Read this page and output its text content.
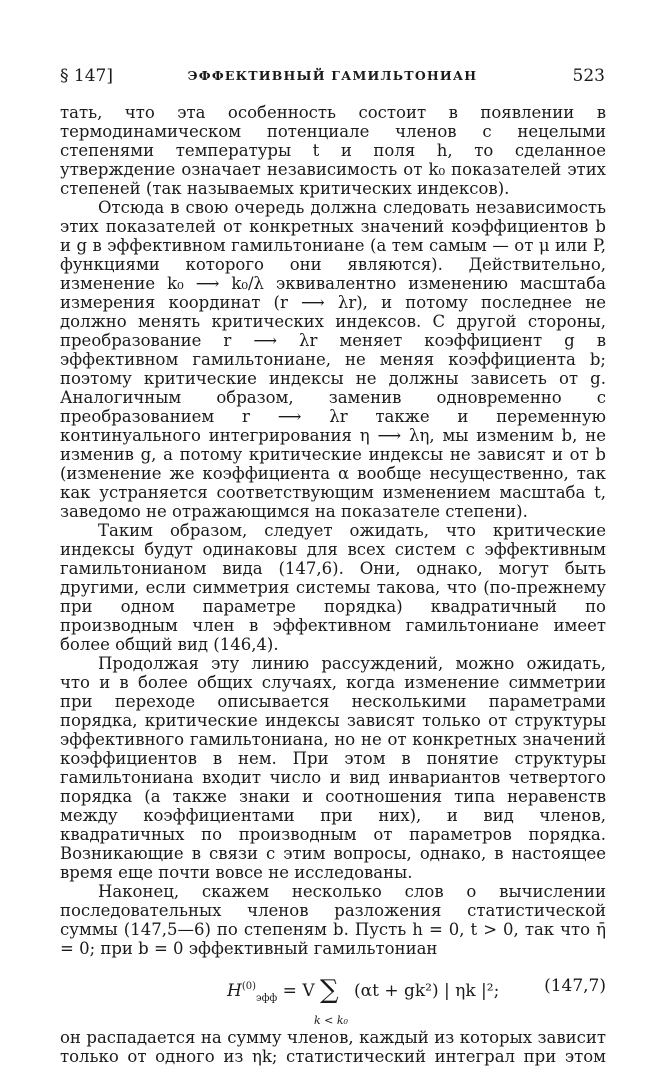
§ 147]	ЭФФЕКТИВНЫЙ ГАМИЛЬТОНИАН	523

тать, что эта особенность состоит в появлении в термодинамическом потенциале членов с нецелыми степенями температуры t и поля h, то сделанное утверждение означает независимость от k₀ показателей этих степеней (так называемых критических индексов).

Отсюда в свою очередь должна следовать независимость этих показателей от конкретных значений коэффициентов b и g в эффективном гамильтониане (а тем самым — от μ или P, функциями которого они являются). Действительно, изменение k₀ ⟶ k₀/λ эквивалентно изменению масштаба измерения координат (r ⟶ λr), и потому последнее не должно менять критических индексов. С другой стороны, преобразование r ⟶ λr меняет коэффициент g в эффективном гамильтониане, не меняя коэффициента b; поэтому критические индексы не должны зависеть от g. Аналогичным образом, заменив одновременно с преобразованием r ⟶ λr также и переменную континуального интегрирования η ⟶ λη, мы изменим b, не изменив g, а потому критические индексы не зависят и от b (изменение же коэффициента α вообще несущественно, так как устраняется соответствующим изменением масштаба t, заведомо не отражающимся на показателе степени).

Таким образом, следует ожидать, что критические индексы будут одинаковы для всех систем с эффективным гамильтонианом вида (147,6). Они, однако, могут быть другими, если симметрия системы такова, что (по-прежнему при одном параметре порядка) квадратичный по производным член в эффективном гамильтониане имеет более общий вид (146,4).

Продолжая эту линию рассуждений, можно ожидать, что и в более общих случаях, когда изменение симметрии при переходе описывается несколькими параметрами порядка, критические индексы зависят только от структуры эффективного гамильтониана, но не от конкретных значений коэффициентов в нем. При этом в понятие структуры гамильтониана входит число и вид инвариантов четвертого порядка (а также знаки и соотношения типа неравенств между коэффициентами при них), и вид членов, квадратичных по производным от параметров порядка. Возникающие в связи с этим вопросы, однако, в настоящее время еще почти вовсе не исследованы.

Наконец, скажем несколько слов о вычислении последовательных членов разложения статистической суммы (147,5—6) по степеням b. Пусть h = 0, t > 0, так что η̄ = 0; при b = 0 эффективный гамильтониан

$H^{(0)}_{эфф} = V$ ∑
k < k₀
(αt + gk²) | ηk |²;	(147,7)

он распадается на сумму членов, каждый из которых зависит только от одного из ηk; статистический интеграл при этом
